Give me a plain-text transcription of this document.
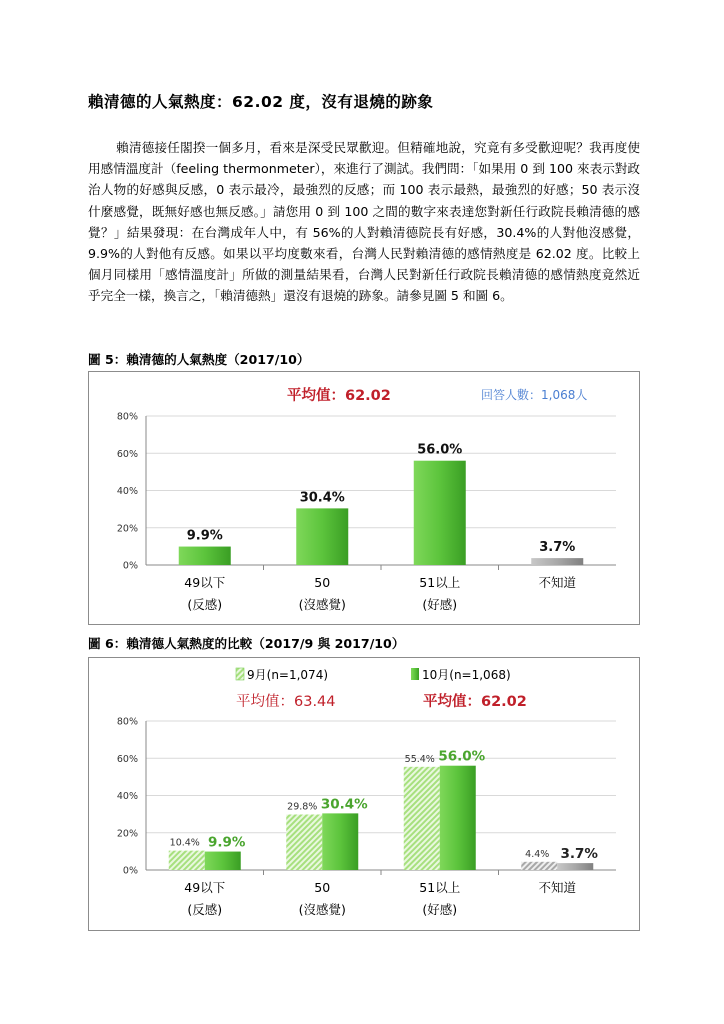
賴清德的人氣熱度：62.02 度，沒有退燒的跡象
賴清德接任閣揆一個多月，看來是深受民眾歡迎。但精確地說，究竟有多受歡迎呢？我再度使用感情溫度計（feeling thermonmeter），來進行了測試。我們問：「如果用 0 到 100 來表示對政治人物的好感與反感，0 表示最冷，最強烈的反感；而 100 表示最熱，最強烈的好感；50 表示沒什麼感覺，既無好感也無反感。」請您用 0 到 100 之間的數字來表達您對新任行政院長賴清德的感覺？」結果發現：在台灣成年人中，有 56%的人對賴清德院長有好感，30.4%的人對他沒感覺，9.9%的人對他有反感。如果以平均度數來看，台灣人民對賴清德的感情熱度是 62.02 度。比較上個月同樣用「感情溫度計」所做的測量結果看，台灣人民對新任行政院長賴清德的感情熱度竟然近乎完全一樣，換言之，「賴清德熱」還沒有退燒的跡象。請參見圖 5 和圖 6。
圖 5：賴清德的人氣熱度（2017/10）
平均值：62.02	回答人數：1,068人
0%
20%
40%
60%
80%
49以下
(反感)
50
(沒感覺)
51以上
(好感)
不知道
9.9%
30.4%
56.0%
3.7%
圖 6：賴清德人氣熱度的比較（2017/9 與 2017/10）
9月(n=1,074)	10月(n=1,068)
平均值：63.44	平均值：62.02
0%
20%
40%
60%
80%
49以下
(反感)
50
(沒感覺)
51以上
(好感)
不知道
10.4% 9.9%
29.8% 30.4%
55.4% 56.0%
4.4% 3.7%
